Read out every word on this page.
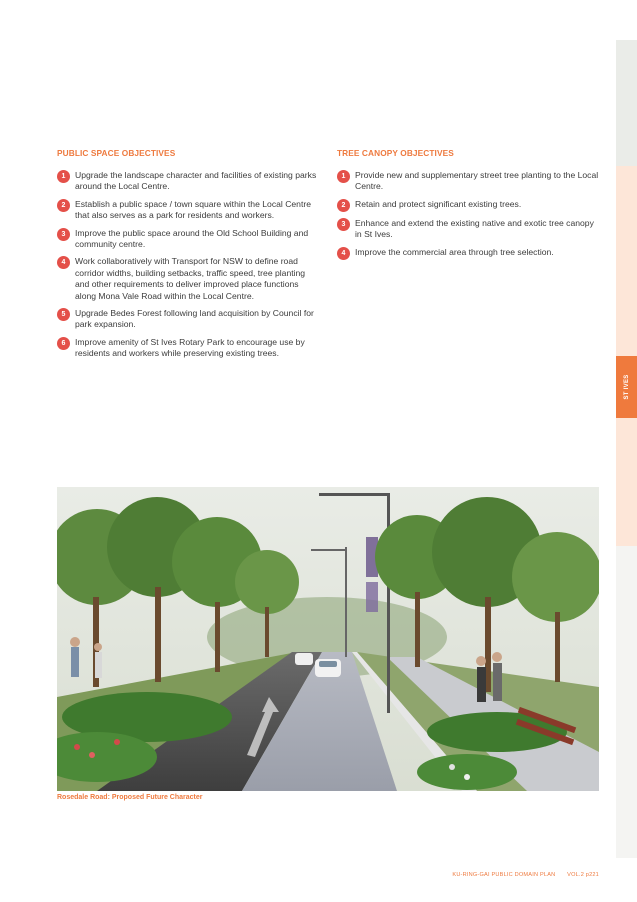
ST IVES
PUBLIC SPACE OBJECTIVES
1	Upgrade the landscape character and facilities of existing parks around the Local Centre.
2	Establish a public space / town square within the Local Centre that also serves as a park for residents and workers.
3	Improve the public space around the Old School Building and community centre.
4	Work collaboratively with Transport for NSW to define road corridor widths, building setbacks, traffic speed, tree planting and other requirements to deliver improved place functions along Mona Vale Road within the Local Centre.
5	Upgrade Bedes Forest following land acquisition by Council for park expansion.
6	Improve amenity of St Ives Rotary Park to encourage use by residents and workers while preserving existing trees.
TREE CANOPY OBJECTIVES
1	Provide new and supplementary street tree planting to the Local Centre.
2	Retain and protect significant existing trees.
3	Enhance and extend the existing native and exotic tree canopy in St Ives.
4	Improve the commercial area through tree selection.
Rosedale Road: Proposed Future Character
KU-RING-GAI PUBLIC DOMAIN PLAN VOL.2 p221
